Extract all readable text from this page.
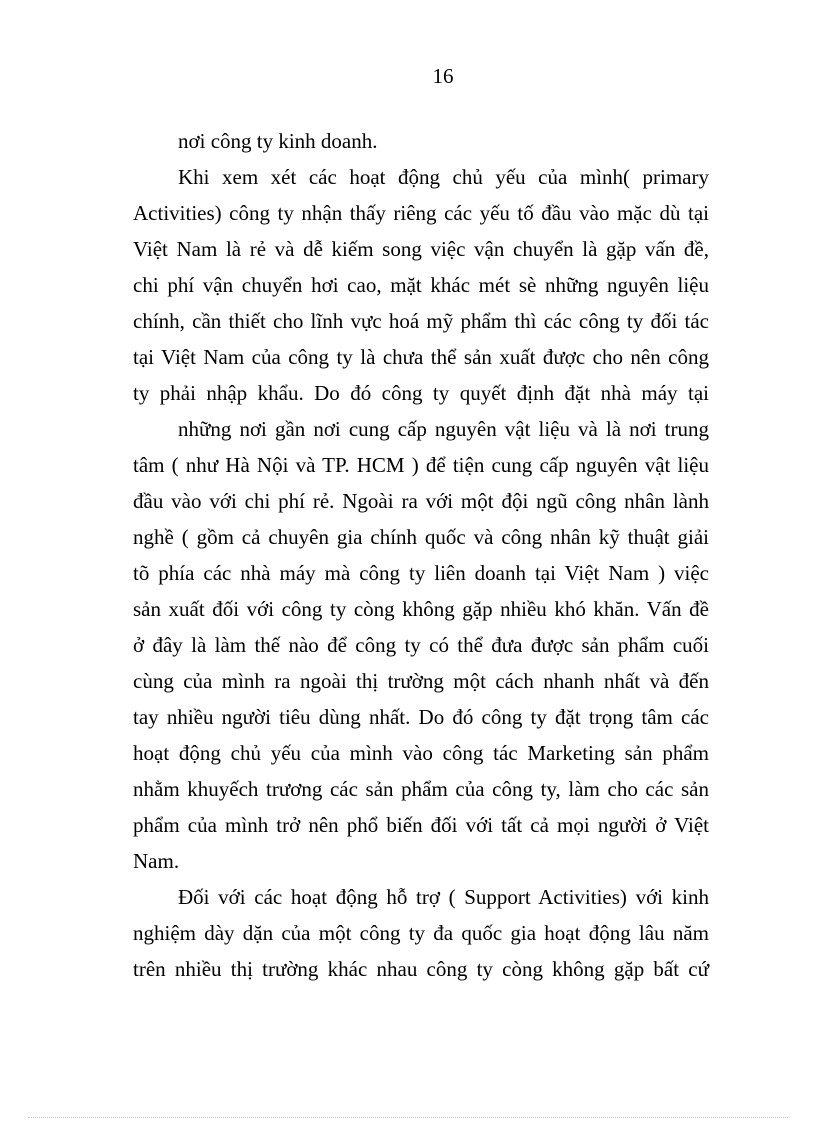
16
nơi công ty kinh doanh.
Khi xem xét các hoạt động chủ yếu của mình( primary
Activities) công ty nhận thấy riêng các yếu tố đầu vào mặc dù tại
Việt Nam là rẻ và dễ kiếm song việc vận chuyển là gặp vấn đề,
chi phí vận chuyển hơi cao, mặt khác mét sè những nguyên liệu
chính, cần thiết cho lĩnh vực hoá mỹ phẩm thì các công ty đối tác
tại Việt Nam của công ty là chưa thể sản xuất được cho nên công
ty phải nhập khẩu. Do đó công ty quyết định đặt nhà máy tại
những nơi gần nơi cung cấp nguyên vật liệu và là nơi trung
tâm ( như Hà Nội và TP. HCM ) để tiện cung cấp nguyên vật liệu
đầu vào với chi phí rẻ. Ngoài ra với một đội ngũ công nhân lành
nghề ( gồm cả chuyên gia chính quốc và công nhân kỹ thuật giải
tõ phía các nhà máy mà công ty liên doanh tại Việt Nam ) việc
sản xuất đối với công ty còng không gặp nhiều khó khăn. Vấn đề
ở đây là làm thế nào để công ty có thể đưa được sản phẩm cuối
cùng của mình ra ngoài thị trường một cách nhanh nhất và đến
tay nhiều người tiêu dùng nhất. Do đó công ty đặt trọng tâm các
hoạt động chủ yếu của mình vào công tác Marketing sản phẩm
nhằm khuyếch trương các sản phẩm của công ty, làm cho các sản
phẩm của mình trở nên phổ biến đối với tất cả mọi người ở Việt
Nam.
Đối với các hoạt động hỗ trợ ( Support Activities) với kinh
nghiệm dày dặn của một công ty đa quốc gia hoạt động lâu năm
trên nhiều thị trường khác nhau công ty còng không gặp bất cứ
